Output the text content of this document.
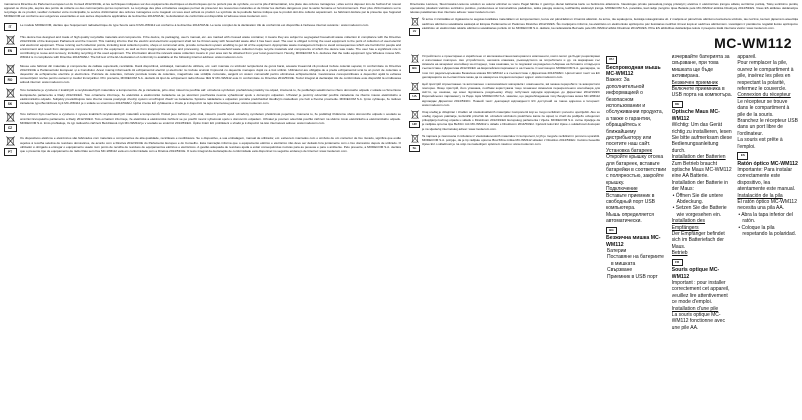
mamamai à Directive du Parlement européen et du Conseil 2012/19/UE, et les techniques indiquées sur des équipements électriques et électroniques qui ne portent pas de symbole, ou sur la pile d'alimentation, à la place des ordures ménagères ; elles sont à déposer lors de l'achat d'un nouvel appareil ou d'une pile, auprès des points de collecte ou des commerçants qui les reprennent. Le recyclage des piles et batteries usagées permet de préserver les ressources naturelles et de limiter les déchets dangereux pour la santé humaine et l'environnement. Pour plus d'informations sur le recyclage de ce produit, veuillez contacter votre municipalité, le service d'élimination des ordures ménagères ou le magasin où vous avez acheté ce produit. Le symbole de la poubelle barrée indique que le produit doit être collecté séparément. Le fabricant déclare par la présente que l'appareil MODECOM est conforme aux exigences essentielles et aux autres dispositions applicables de la directive 2014/53/UE ; la déclaration de conformité est disponible à l'adresse www.modecom.com.

IT	Le modèle MODECOM, déclare que l'équipement radioélectrique du type Souris sans fil MC-WM112 est conforme à la directive 2014/53/UE. Le texte complet de la déclaration UE de conformité est disponible à l'adresse internet suivante : www.modecom.com.
EN
This device has designed and made of high quality recyclable materials and components. If the device, its packaging, user's manual, etc. are marked with crossed waste container, it means they are subject to segregated household waste collection in compliance with the Directive 2012/19/UE of the European Parliament and the Council. This marking informs that the electric and electronic equipment shall not be thrown away with household waste after it has been used. The user is obliged to bring the used equipment to the point of collection of used electric and electronic equipment. Those running such collection points, including local collection points, shops or communal units, provide convenient system enabling to get rid of the equipment. Appropriate waste management helps to avoid consequences which are harmful for people and environment and result from dangerous components used in the equipment, as well as from inappropriate storage and processing. Segregated household waste collection helps recycle materials and components of which the device was made. The user has a significant role in contributing to reuse and recovery, including recycling of the used equipment. The information about the relevant waste collection means in your area can be obtained from your local government. Hereby, MODECOM S.A. declares that the radio equipment type Wireless mouse MC-WM112 is in compliance with Directive 2014/53/EU. The full text of the EU declaration of conformity is available at the following internet address: www.modecom.com.
RO
Mouse este fabricat din materiale și componente de calitate superioară, reciclabile. Dacă dispozitivul, ambalajul, manualul de utilizare, etc. sunt marcate cu simbolul recipientului de gunoi barat, aceasta înseamnă că produsul trebuie colectat separat, în conformitate cu Directiva 2012/19/UE a Parlamentului European și a Consiliului. Acest marcaj informează că echipamentul electric și electronic nu trebuie aruncat împreună cu deșeurile menajere după ce a fost utilizat. Utilizatorul are obligația de a preda echipamentul uzat la un punct de colectare a deșeurilor de echipamente electrice și electronice. Punctele de colectare, inclusiv punctele locale de colectare, magazinele sau unitățile comunale, asigură un sistem convenabil pentru eliminarea echipamentului. Gestionarea corespunzătoare a deșeurilor ajută la evitarea consecințelor nocive pentru oameni și mediul înconjurător. Prin prezenta, MODECOM S.A. declară că tipul de echipament radio Mouse fără fir MC-WM112 este în conformitate cu Directiva 2014/53/UE. Textul integral al declarației UE de conformitate este disponibil la următoarea adresă internet: www.modecom.com.
SK
Toto zariadenie je vyrobené z kvalitných a recyklovateľných materiálov a komponentov. Ak je zariadenie, jeho obal, návod na použitie atď. označené symbolom prečiarknutej nádoby na odpad, znamená to, že podliehajú selektívnemu zberu domového odpadu v súlade so Smernicou Európskeho parlamentu a Rady 2012/19/EÚ. Toto označenie informuje, že elektrické a elektronické zariadenie sa po skončení používania nesmie vyhadzovať spolu s domovým odpadom. Užívateľ je povinný odovzdať použité zariadenie na zberné miesto elektrického a elektronického odpadu. Subjekty prevádzkujúce tieto zberné miesta poskytujú vhodný systém umožňujúci zbaviť sa zariadenia. Správne nakladanie s odpadom pomáha predchádzať škodlivým následkom pre ľudí a životné prostredie. MODECOM S.A. týmto vyhlasuje, že rádiové zariadenie typu Bezdrôtová myš MC-WM112 je v súlade so smernicou 2014/53/EÚ. Úplné znenie EÚ vyhlásenia o zhode je k dispozícii na tejto internetovej adrese: www.modecom.com.
CZ
Toto zařízení bylo navrženo a vyrobeno z vysoce kvalitních recyklovatelných materiálů a komponentů. Pokud jsou zařízení, jeho obal, návod k použití apod. označeny symbolem přeškrtnuté popelnice, znamená to, že podléhají tříděnému sběru domovního odpadu v souladu se směrnicí Evropského parlamentu a Rady 2012/19/EU. Toto označení informuje, že elektrické a elektronické zařízení se po použití nesmí vyhazovat spolu s domovním odpadem. Uživatel je povinen odevzdat použité zařízení na sběrné místo elektrického a elektronického odpadu. MODECOM S.A. tímto prohlašuje, že typ rádiového zařízení Bezdrátová myš MC-WM112 je v souladu se směrnicí 2014/53/EU. Úplné znění EU prohlášení o shodě je k dispozici na této internetové adrese: www.modecom.com.
PT
Os dispositivos elétricos e eletrónicos são fabricados com materiais e componentes de alta qualidade, recicláveis e reutilizáveis. Se o dispositivo, a sua embalagem, manual de utilizador, etc. estiverem marcados com o símbolo de um contentor de lixo riscado, significa que estão sujeitos à recolha seletiva de resíduos domésticos, de acordo com a Diretiva 2012/19/UE do Parlamento Europeu e do Conselho. Esta marcação informa que o equipamento elétrico e eletrónico não deve ser deitado fora juntamente com o lixo doméstico depois de utilizado. O utilizador é obrigado a entregar o equipamento usado num ponto de recolha de resíduos de equipamentos elétricos e eletrónicos. A gestão adequada de resíduos ajuda a evitar consequências nocivas para as pessoas e para o ambiente. Pelo presente, a MODECOM S.A. declara que o presente tipo de equipamento de rádio Rato sem fios MC-WM112 está em conformidade com a Diretiva 2014/53/UE. O texto integral da declaração de conformidade está disponível no seguinte endereço de Internet: www.modecom.com.

Directorate Lietuvos, Skoczowska Lietuvos solution su auto/w eliminar su vieno Pagal fabrike ir gaminys dienai šalinama kartu su buitinėmis atliekomis. Naudotojas privalo panaudotą įrangą pristatyti į elektros ir elektroninės įrangos atliekų surinkimo punktą. Tokių surinkimo punktų operatoriai, įskaitant vietinius surinkimo punktus, parduotuves ar komunalinius padalinius, teikia patogią sistemą, leidžiančią atsikratyti įranga. MODECOM S.A. pareiškia, kad radijo įrenginio tipas Belaidė pelė MC-WM112 atitinka Direktyvą 2014/53/ES. Visas ES atitikties deklaracijos tekstas pateikiamas šiuo interneto adresu: www.modecom.com.

LV
Šī ierīce ir izstrādāta un izgatavota no augstas kvalitātes materiāliem un komponentiem, kurus var pārstrādāt un izmantot atkārtoti. Ja ierīce, tās iepakojums, lietotāja rokasgrāmata utt. ir marķēta ar pārsvītrotu atkritumu konteinera simbolu, tas nozīmē, ka tiem jāpiemēro atsevišķa sadzīves atkritumu savākšana saskaņā ar Eiropas Parlamenta un Padomes Direktīvu 2012/19/ES. Šis marķējums informē, ka elektrisko un elektronisko aprīkojumu pēc lietošanas nedrīkst izmest kopā ar sadzīves atkritumiem. Lietotājam ir pienākums nogādāt lietoto aprīkojumu elektrisko un elektronisko iekārtu atkritumu savākšanas punktā. Ar šo MODECOM S.A. deklarē, ka radioiekārta Bezvadu pele MC-WM112 atbilst Direktīvai 2014/53/ES. Pilns ES atbilstības deklarācijas teksts ir pieejams šādā interneta vietnē: www.modecom.com.
MC-WM112
BG
Устройството е проектирано и изработено от висококачествени материали и компоненти, които могат да бъдат рециклирани и използвани повторно. Ако устройството, неговата опаковка, ръководството за потребителя и др. са маркирани със символа на зачеркнат контейнер за отпадъци, това означава, че те подлежат на разделно събиране на битовите отпадъци в съответствие с Директива 2012/19/ЕС на Европейския парламент и на Съвета. С настоящото MODECOM S.A. декларира, че този тип радиосъоръжение Безжична мишка MC-WM112 е в съответствие с Директива 2014/53/ЕС. Цялостният текст на ЕС декларацията за съответствие може да се намери на следния интернет адрес: www.modecom.com.
UA
Цей пристрій спроектовано та виготовлено з високоякісних матеріалів і компонентів, які можна переробити та використати повторно. Якщо пристрій, його упаковка, посібник користувача тощо позначені символом перекресленого контейнера для сміття, це означає, що вони підлягають роздільному збору побутових відходів відповідно до Директиви 2012/19/ЄС Європейського парламенту та Ради. Цим MODECOM S.A. заявляє, що радіообладнання типу Бездротова миша MC-WM112 відповідає Директиві 2014/53/ЄС. Повний текст декларації відповідності ЄС доступний за такою адресою в Інтернеті: www.modecom.com.
HR
Ovaj uređaj je dizajniran i izrađen od visokokvalitetnih materijala i komponenti koji se mogu reciklirati i ponovno upotrijebiti. Ako su uređaj, njegovo pakiranje, korisnički priručnik itd. označeni simbolom prekrižene kante za otpad, to znači da podliježu odvojenom prikupljanju kućnog otpada u skladu s Direktivom 2012/19/EU Europskog parlamenta i Vijeća. MODECOM S.A. ovime izjavljuje da je radijska oprema tipa Bežični miš MC-WM112 u skladu s Direktivom 2014/53/EU. Cjeloviti tekst EU izjave o sukladnosti dostupan je na sljedećoj internetskoj adresi: www.modecom.com.
SL
Ta naprava je zasnovana in izdelana iz visokokakovostnih materialov in komponent, ki jih je mogoče reciklirati in ponovno uporabiti. MODECOM S.A. potrjuje, da je tip radijske opreme Brezžična miška MC-WM112 skladen z Direktivo 2014/53/EU. Celotno besedilo izjave EU o skladnosti je na voljo na naslednjem spletnem naslovu: www.modecom.com.
RU
Беспроводная мышь MC-WM112

Важно: За дополнительной информацией о безопасном использовании и обслуживании продукта, а также о гарантии, обращайтесь к ближайшему дистрибьютору или посетите наш сайт.

Установка батареек

Откройте крышку отсека для батареек, вставьте батарейки в соответствии с полярностью, закройте крышку.

Подключение

Вставьте приемник в свободный порт USB компьютера.

Мышь определяется автоматически.

BG
Безжична мишка MC-WM112

Батерии

Поставяне на батериите в мишката

Свързване

Приемник в USB порт

изчервайте батерията за свързване, при това мишката ще бъде активирана.

Безжичен приемник

Включете приемника в USB порта на компютъра.

DE
Optische Maus MC-WM112

Wichtig: Um das Gerät richtig zu installieren, lesen Sie bitte aufmerksam diese Bedienungsanleitung durch.

Installation der Batterien

Zum Betrieb braucht optische Maus MC-WM112 eine AA Batterie.

Installation der Batterie in der Maus:

• Öffnen Sie die untere Abdeckung.

• Setzen Sie die Batterie wie vorgesehen ein.

Installation des Empfängers

Der Empfänger befindet sich im Batteriefach der Maus.

Betrieb

FR
Souris optique MC-WM112

Important : pour installer correctement cet appareil, veuillez lire attentivement ce mode d'emploi.

Installation d'une pile

La souris optique MC-WM112 fonctionne avec une pile AA.

appareil.

Pour remplacer la pile, ouvrez le compartiment à pile, insérez les piles en respectant la polarité, refermez le couvercle.

Connexion du récepteur

Le récepteur se trouve dans le compartiment à pile de la souris.

Branchez le récepteur USB dans un port libre de l'ordinateur.

La souris est prête à l'emploi.

ES
Ratón óptico MC-WM112

Importante: Para instalar correctamente este dispositivo, lea atentamente este manual.

Instalación de la pila

El ratón óptico MC-WM112 necesita una pila AA.

• Abra la tapa inferior del ratón.

• Coloque la pila respetando la polaridad.
